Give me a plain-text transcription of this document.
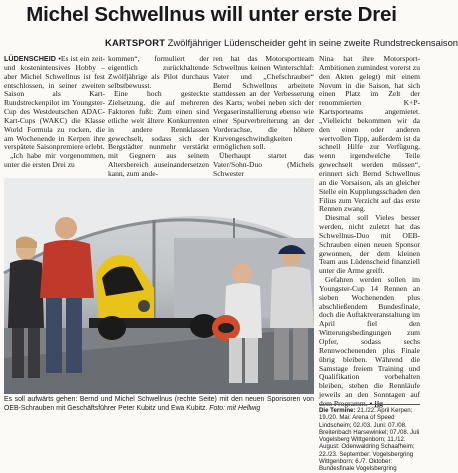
Michel Schwellnus will unter erste Drei
KARTSPORT Zwölfjähriger Lüdenscheider geht in seine zweite Rundstreckensaison

LÜDENSCHEID • Es ist ein zeit- und kostenintensives Hobby – aber Michel Schwellnus ist fest entschlossen, in seiner zweiten Saison als Kart-Rundstreckenpilot im Youngster-Cup des Westdeutschen ADAC-Kart-Cups (WAKC) die Klasse World Formula zu rocken, die am Wochenende in Kerpen ihre verspätete Saisonpremiere erlebt.

„Ich habe mir vorgenommen, unter die ersten Drei zu

kommen“, formuliert der eigentlich zurückhaltende Zwölfjährige als Pilot durchaus selbstbewusst.

Eine hoch gesteckte Zielsetzung, die auf mehreren Faktoren fußt: Zum einen sind etliche weit ältere Konkurrenten in andere Rennklassen gewechselt, sodass sich der Bergstädter nunmehr verstärkt mit Gegnern aus seinem Altersbereich auseinandersetzen kann, zum ande-

ren hat das Motorsportteam Schwellnus keinen Winterschlaf: Vater und „Chefschrauber“ Bernd Schwellnus arbeitete stattdessen an der Verbesserung des Karts, wobei neben sich der Vergaserinstallierung ebenso wie einer Spurverbreiterung an der Vorderachse, die höhere Kurvengeschwindigkeiten ermöglichen soll.

Überhaupt startet das Vater/Sohn-Duo (Michels Schwester

Nina hat ihre Motorsport-Ambitionen zumindest vorerst zu den Akten gelegt) mit einem Novum in die Saison, hat sich einen Platz im Zelt der renommierten K+P-Kartsporteams angemietet. „Vielleicht bekommen wir da den einen oder anderen wertvollen Tipp, außerdem ist da schnell Hilfe zur Verfügung, wenn irgendwelche Teile gewechselt werden müssen“, erinnert sich Bernd Schwellnus an die Vorsaison, als an gleicher Stelle ein Kupplungsschaden den Filius zum Verzicht auf das erste Rennen zwang.

Diesmal soll Vieles besser werden, nicht zuletzt hat das Schwellnus-Duo mit OEB-Schrauben einen neuen Sponsor gewonnen, der dem kleinen Team aus Lüdenscheid finanziell unter die Arme greift.

Gefahren werden sollen im Youngster-Cup 14 Rennen an sieben Wochenenden plus abschließendem Bundesfinale, doch die Auftaktveranstaltung im April fiel den Witterungsbedingungen zum Opfer, sodass sechs Rennwochenenden plus Finale übrig bleiben. Während die Samstage freiem Training und Qualifikation vorbehalten bleiben, stehen die Rennläufe jeweils an den Sonntagen auf dem Programm. ▪ jjg

Es soll aufwärts gehen: Bernd und Michel Schwellnus (rechte Seite) mit den neuen Sponsoren von OEB-Schrauben mit Geschäftsführer Peter Kubitz und Ewa Kubitz. Foto: mit Hellwig	Die Termine: 21./22. April Kerpen; 19./20. Mai: Arena of Speed Lindscheim; 02./03. Juni: 07./08. Breitenbach Harsewinkel; 07./08. Juli Vogelsberg Wittgenborn; 11./12. August: Odenwaldring Schaafheim; 22./23. September: Vogelsbergring Wittgenborn; 6./7. Oktober: Bundesfinale Vogelsbergring
